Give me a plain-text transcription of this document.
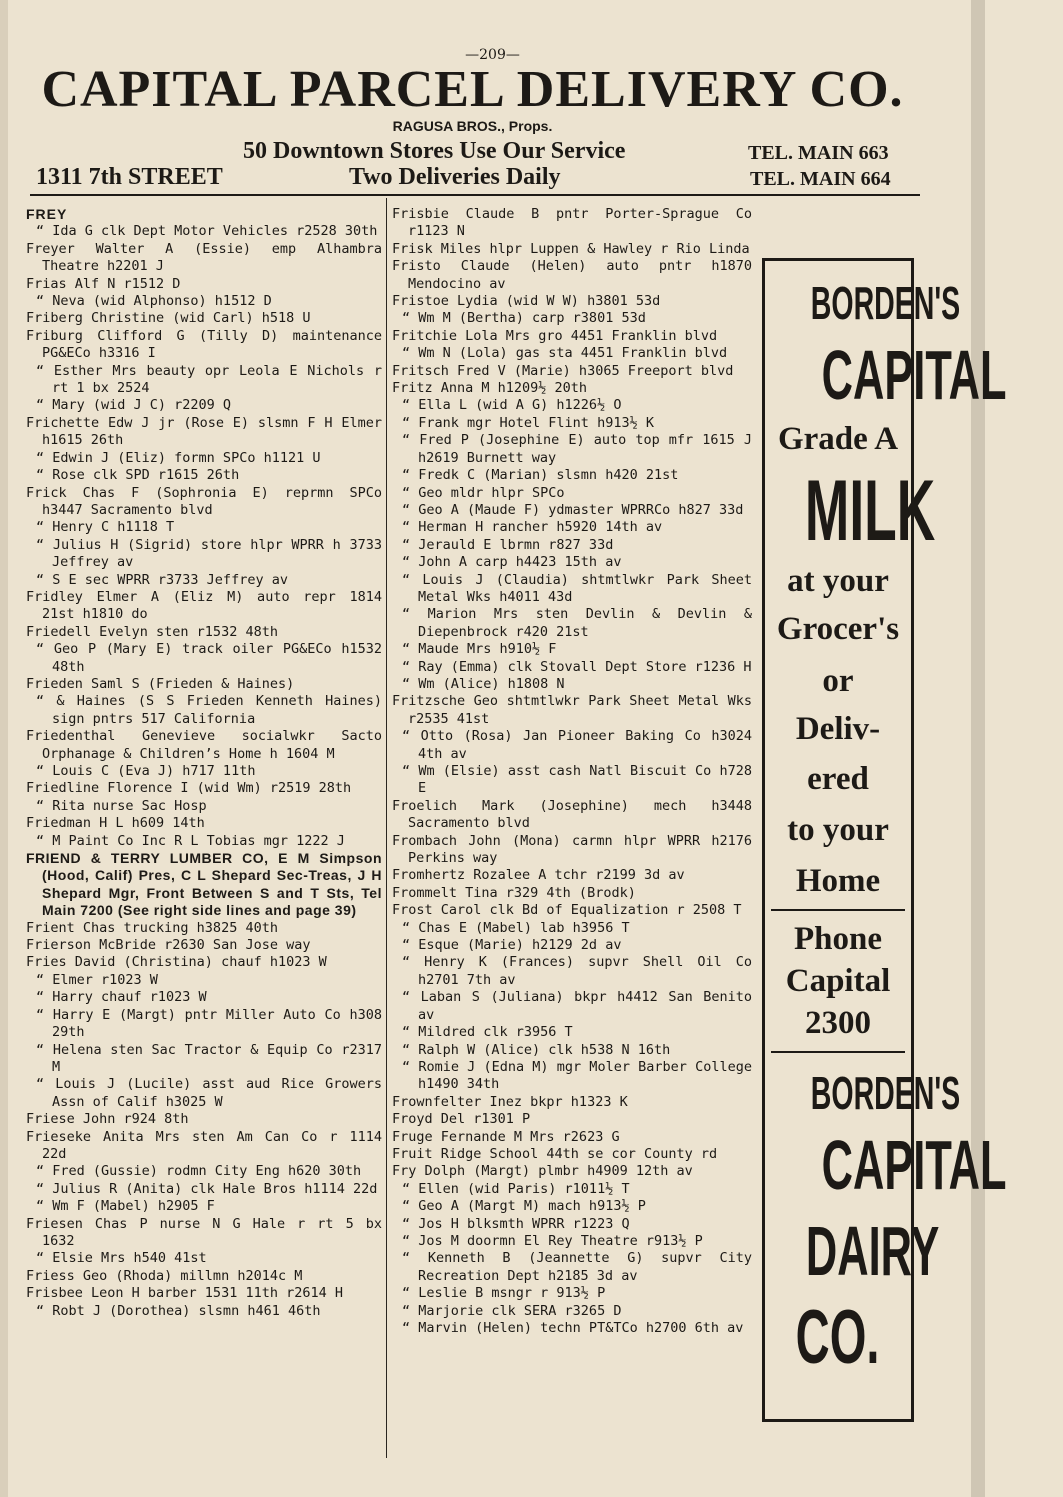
—209—
CAPITAL PARCEL DELIVERY CO.
RAGUSA BROS., Props.
50 Downtown Stores Use Our Service	TEL. MAIN 663
1311 7th STREET	Two Deliveries Daily	TEL. MAIN 664
FREY
“ Ida G clk Dept Motor Vehicles r2528 30th
Freyer Walter A (Essie) emp Alhambra Theatre h2201 J
Frias Alf N r1512 D
“ Neva (wid Alphonso) h1512 D
Friberg Christine (wid Carl) h518 U
Friburg Clifford G (Tilly D) maintenance PG&ECo h3316 I
“ Esther Mrs beauty opr Leola E Nichols r rt 1 bx 2524
“ Mary (wid J C) r2209 Q
Frichette Edw J jr (Rose E) slsmn F H Elmer h1615 26th
“ Edwin J (Eliz) formn SPCo h1121 U
“ Rose clk SPD r1615 26th
Frick Chas F (Sophronia E) reprmn SPCo h3447 Sacramento blvd
“ Henry C h1118 T
“ Julius H (Sigrid) store hlpr WPRR h 3733 Jeffrey av
“ S E sec WPRR r3733 Jeffrey av
Fridley Elmer A (Eliz M) auto repr 1814 21st h1810 do
Friedell Evelyn sten r1532 48th
“ Geo P (Mary E) track oiler PG&ECo h1532 48th
Frieden Saml S (Frieden & Haines)
“ & Haines (S S Frieden Kenneth Haines) sign pntrs 517 California
Friedenthal Genevieve socialwkr Sacto Orphanage & Children’s Home h 1604 M
“ Louis C (Eva J) h717 11th
Friedline Florence I (wid Wm) r2519 28th
“ Rita nurse Sac Hosp
Friedman H L h609 14th
“ M Paint Co Inc R L Tobias mgr 1222 J
FRIEND & TERRY LUMBER CO, E M Simpson (Hood, Calif) Pres, C L Shepard Sec-Treas, J H Shepard Mgr, Front Between S and T Sts, Tel Main 7200 (See right side lines and page 39)
Frient Chas trucking h3825 40th
Frierson McBride r2630 San Jose way
Fries David (Christina) chauf h1023 W
“ Elmer r1023 W
“ Harry chauf r1023 W
“ Harry E (Margt) pntr Miller Auto Co h308 29th
“ Helena sten Sac Tractor & Equip Co r2317 M
“ Louis J (Lucile) asst aud Rice Growers Assn of Calif h3025 W
Friese John r924 8th
Frieseke Anita Mrs sten Am Can Co r 1114 22d
“ Fred (Gussie) rodmn City Eng h620 30th
“ Julius R (Anita) clk Hale Bros h1114 22d
“ Wm F (Mabel) h2905 F
Friesen Chas P nurse N G Hale r rt 5 bx 1632
“ Elsie Mrs h540 41st
Friess Geo (Rhoda) millmn h2014c M
Frisbee Leon H barber 1531 11th r2614 H
“ Robt J (Dorothea) slsmn h461 46th
Frisbie Claude B pntr Porter-Sprague Co r1123 N
Frisk Miles hlpr Luppen & Hawley r Rio Linda
Fristo Claude (Helen) auto pntr h1870 Mendocino av
Fristoe Lydia (wid W W) h3801 53d
“ Wm M (Bertha) carp r3801 53d
Fritchie Lola Mrs gro 4451 Franklin blvd
“ Wm N (Lola) gas sta 4451 Franklin blvd
Fritsch Fred V (Marie) h3065 Freeport blvd
Fritz Anna M h1209½ 20th
“ Ella L (wid A G) h1226½ O
“ Frank mgr Hotel Flint h913½ K
“ Fred P (Josephine E) auto top mfr 1615 J h2619 Burnett way
“ Fredk C (Marian) slsmn h420 21st
“ Geo mldr hlpr SPCo
“ Geo A (Maude F) ydmaster WPRRCo h827 33d
“ Herman H rancher h5920 14th av
“ Jerauld E lbrmn r827 33d
“ John A carp h4423 15th av
“ Louis J (Claudia) shtmtlwkr Park Sheet Metal Wks h4011 43d
“ Marion Mrs sten Devlin & Devlin & Diepenbrock r420 21st
“ Maude Mrs h910½ F
“ Ray (Emma) clk Stovall Dept Store r1236 H
“ Wm (Alice) h1808 N
Fritzsche Geo shtmtlwkr Park Sheet Metal Wks r2535 41st
“ Otto (Rosa) Jan Pioneer Baking Co h3024 4th av
“ Wm (Elsie) asst cash Natl Biscuit Co h728 E
Froelich Mark (Josephine) mech h3448 Sacramento blvd
Frombach John (Mona) carmn hlpr WPRR h2176 Perkins way
Fromhertz Rozalee A tchr r2199 3d av
Frommelt Tina r329 4th (Brodk)
Frost Carol clk Bd of Equalization r 2508 T
“ Chas E (Mabel) lab h3956 T
“ Esque (Marie) h2129 2d av
“ Henry K (Frances) supvr Shell Oil Co h2701 7th av
“ Laban S (Juliana) bkpr h4412 San Benito av
“ Mildred clk r3956 T
“ Ralph W (Alice) clk h538 N 16th
“ Romie J (Edna M) mgr Moler Barber College h1490 34th
Frownfelter Inez bkpr h1323 K
Froyd Del r1301 P
Fruge Fernande M Mrs r2623 G
Fruit Ridge School 44th se cor County rd
Fry Dolph (Margt) plmbr h4909 12th av
“ Ellen (wid Paris) r1011½ T
“ Geo A (Margt M) mach h913½ P
“ Jos H blksmth WPRR r1223 Q
“ Jos M doormn El Rey Theatre r913½ P
“ Kenneth B (Jeannette G) supvr City Recreation Dept h2185 3d av
“ Leslie B msngr r 913½ P
“ Marjorie clk SERA r3265 D
“ Marvin (Helen) techn PT&TCo h2700 6th av
BORDEN'S
CAPITAL
Grade A
MILK
at your
Grocer's
or
Deliv-
ered
to your
Home
Phone
Capital
2300
BORDEN'S
CAPITAL
DAIRY
CO.
